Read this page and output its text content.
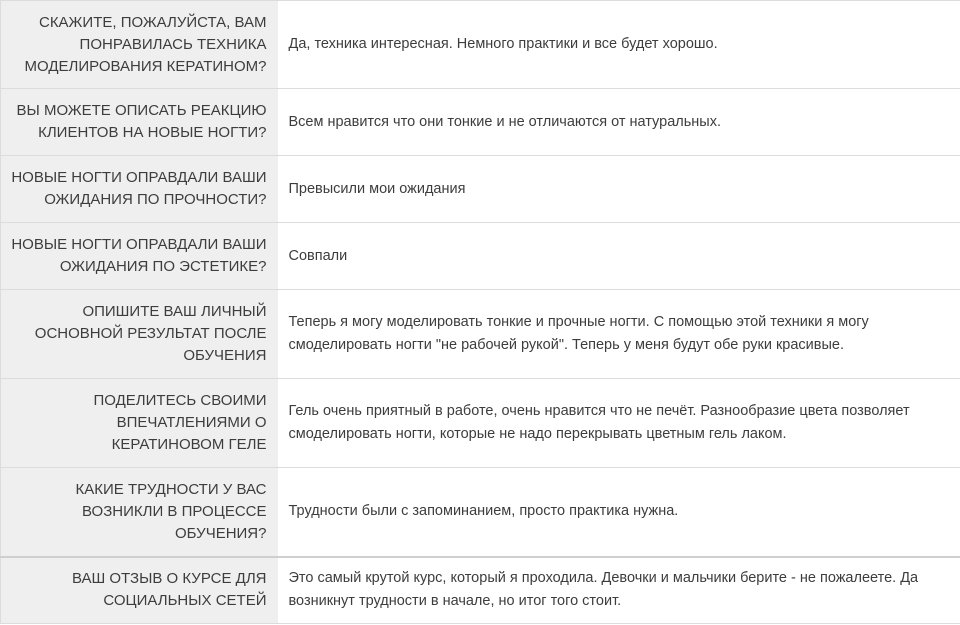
СКАЖИТЕ, ПОЖАЛУЙСТА, ВАМ ПОНРАВИЛАСЬ ТЕХНИКА МОДЕЛИРОВАНИЯ КЕРАТИНОМ?	Да, техника интересная. Немного практики и все будет хорошо.
ВЫ МОЖЕТЕ ОПИСАТЬ РЕАКЦИЮ КЛИЕНТОВ НА НОВЫЕ НОГТИ?	Всем нравится что они тонкие и не отличаются от натуральных.
НОВЫЕ НОГТИ ОПРАВДАЛИ ВАШИ ОЖИДАНИЯ ПО ПРОЧНОСТИ?	Превысили мои ожидания
НОВЫЕ НОГТИ ОПРАВДАЛИ ВАШИ ОЖИДАНИЯ ПО ЭСТЕТИКЕ?	Совпали
ОПИШИТЕ ВАШ ЛИЧНЫЙ ОСНОВНОЙ РЕЗУЛЬТАТ ПОСЛЕ ОБУЧЕНИЯ	Теперь я могу моделировать тонкие и прочные ногти. С помощью этой техники я могу смоделировать ногти "не рабочей рукой". Теперь у меня будут обе руки красивые.
ПОДЕЛИТЕСЬ СВОИМИ ВПЕЧАТЛЕНИЯМИ О КЕРАТИНОВОМ ГЕЛЕ	Гель очень приятный в работе, очень нравится что не печёт. Разнообразие цвета позволяет смоделировать ногти, которые не надо перекрывать цветным гель лаком.
КАКИЕ ТРУДНОСТИ У ВАС ВОЗНИКЛИ В ПРОЦЕССЕ ОБУЧЕНИЯ?	Трудности были с запоминанием, просто практика нужна.
ВАШ ОТЗЫВ О КУРСЕ ДЛЯ СОЦИАЛЬНЫХ СЕТЕЙ	Это самый крутой курс, который я проходила. Девочки и мальчики берите - не пожалеете. Да возникнут трудности в начале, но итог того стоит.
